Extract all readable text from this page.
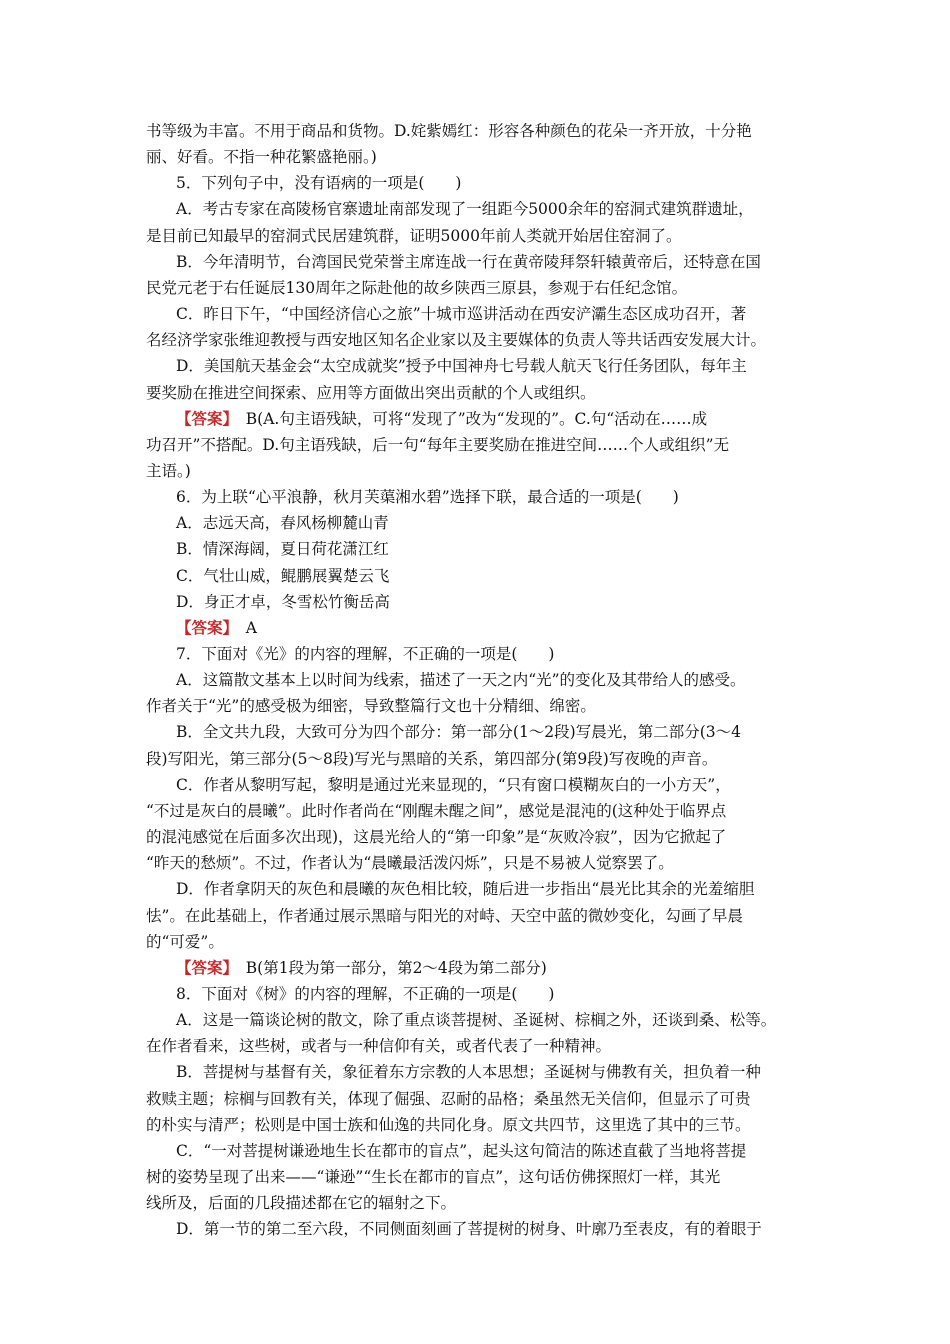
书等级为丰富。不用于商品和货物。D.姹紫嫣红：形容各种颜色的花朵一齐开放，十分艳
丽、好看。不指一种花繁盛艳丽。)
5．下列句子中，没有语病的一项是(　　)
A．考古专家在高陵杨官寨遗址南部发现了一组距今5000余年的窑洞式建筑群遗址，
是目前已知最早的窑洞式民居建筑群，证明5000年前人类就开始居住窑洞了。
B．今年清明节，台湾国民党荣誉主席连战一行在黄帝陵拜祭轩辕黄帝后，还特意在国
民党元老于右任诞辰130周年之际赴他的故乡陕西三原县，参观于右任纪念馆。
C．昨日下午，“中国经济信心之旅”十城市巡讲活动在西安浐灞生态区成功召开，著
名经济学家张维迎教授与西安地区知名企业家以及主要媒体的负责人等共话西安发展大计。
D．美国航天基金会“太空成就奖”授予中国神舟七号载人航天飞行任务团队，每年主
要奖励在推进空间探索、应用等方面做出突出贡献的个人或组织。
【答案】　B(A.句主语残缺，可将“发现了”改为“发现的”。C.句“活动在……成
功召开”不搭配。D.句主语残缺，后一句“每年主要奖励在推进空间……个人或组织”无
主语。)
6．为上联“心平浪静，秋月芙蕖湘水碧”选择下联，最合适的一项是(　　)
A．志远天高，春风杨柳麓山青
B．情深海阔，夏日荷花潇江红
C．气壮山威，鲲鹏展翼楚云飞
D．身正才卓，冬雪松竹衡岳高
【答案】　A
7．下面对《光》的内容的理解，不正确的一项是(　　)
A．这篇散文基本上以时间为线索，描述了一天之内“光”的变化及其带给人的感受。
作者关于“光”的感受极为细密，导致整篇行文也十分精细、绵密。
B．全文共九段，大致可分为四个部分：第一部分(1～2段)写晨光，第二部分(3～4
段)写阳光，第三部分(5～8段)写光与黑暗的关系，第四部分(第9段)写夜晚的声音。
C．作者从黎明写起，黎明是通过光来显现的，“只有窗口模糊灰白的一小方天”，
“不过是灰白的晨曦”。此时作者尚在“刚醒未醒之间”，感觉是混沌的(这种处于临界点
的混沌感觉在后面多次出现)，这晨光给人的“第一印象”是“灰败冷寂”，因为它掀起了
“昨天的愁烦”。不过，作者认为“晨曦最活泼闪烁”，只是不易被人觉察罢了。
D．作者拿阴天的灰色和晨曦的灰色相比较，随后进一步指出“晨光比其余的光羞缩胆
怯”。在此基础上，作者通过展示黑暗与阳光的对峙、天空中蓝的微妙变化，勾画了早晨
的“可爱”。
【答案】　B(第1段为第一部分，第2～4段为第二部分)
8．下面对《树》的内容的理解，不正确的一项是(　　)
A．这是一篇谈论树的散文，除了重点谈菩提树、圣诞树、棕榈之外，还谈到桑、松等。
在作者看来，这些树，或者与一种信仰有关，或者代表了一种精神。
B．菩提树与基督有关，象征着东方宗教的人本思想；圣诞树与佛教有关，担负着一种
救赎主题；棕榈与回教有关，体现了倔强、忍耐的品格；桑虽然无关信仰，但显示了可贵
的朴实与清严；松则是中国士族和仙逸的共同化身。原文共四节，这里选了其中的三节。
C．“一对菩提树谦逊地生长在都市的盲点”，起头这句简洁的陈述直截了当地将菩提
树的姿势呈现了出来——“谦逊”“生长在都市的盲点”，这句话仿佛探照灯一样，其光
线所及，后面的几段描述都在它的辐射之下。
D．第一节的第二至六段，不同侧面刻画了菩提树的树身、叶廓乃至表皮，有的着眼于
